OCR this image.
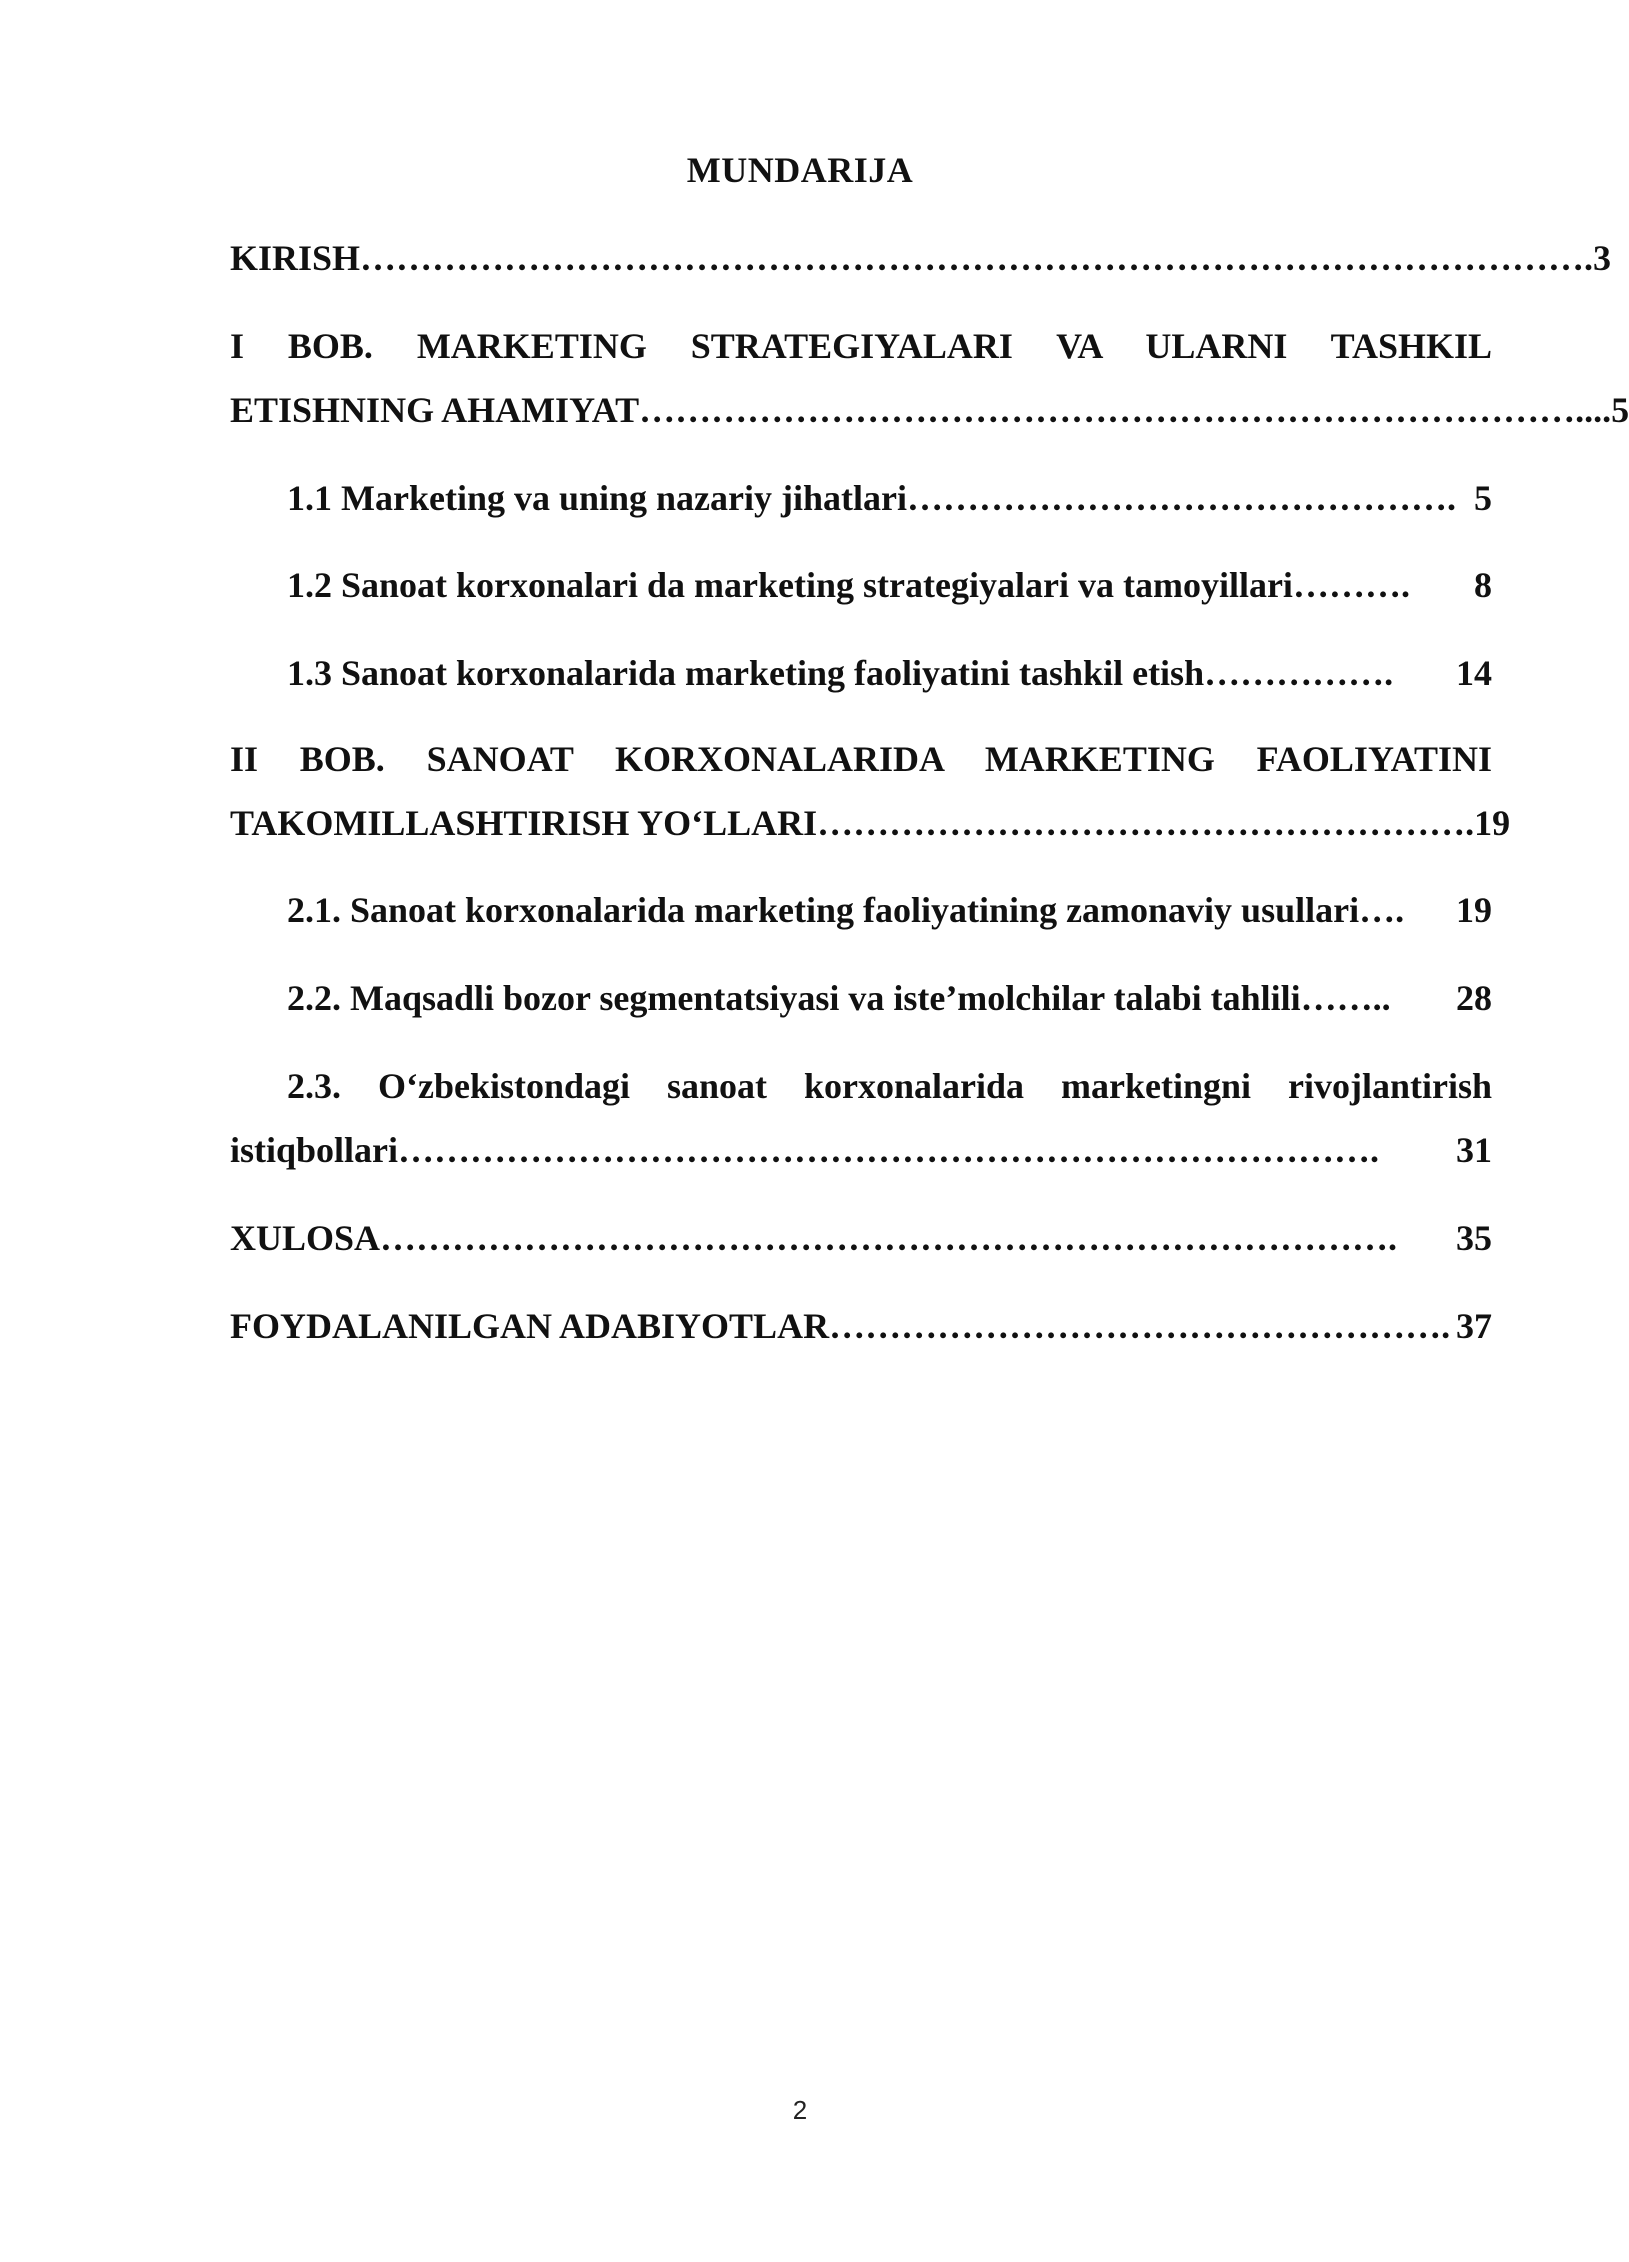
MUNDARIJA
KIRISH …………………………………………………………………………………………. 3
I BOB. MARKETING STRATEGIYALARI VA ULARNI TASHKIL
ETISHNING AHAMIYAT …………………………………………………………………….... 5
1.1 Marketing va uning nazariy jihatlari ………………………………………. 5
1.2 Sanoat korxonalari da marketing strategiyalari va tamoyillari ……….	8
1.3 Sanoat korxonalarida marketing faoliyatini tashkil etish …………….	14
II BOB. SANOAT KORXONALARIDA MARKETING FAOLIYATINI
TAKOMILLASHTIRISH YO‘LLARI ………………………………………………. 19
2.1. Sanoat korxonalarida marketing faoliyatining zamonaviy usullari ….	19
2.2. Maqsadli bozor segmentatsiyasi va iste’molchilar talabi tahlili ……..	28
2.3. O‘zbekistondagi sanoat korxonalarida marketingni rivojlantirish
istiqbollari ……………………………………………………………………….	31
XULOSA ………………………………………………………………………….	35
FOYDALANILGAN ADABIYOTLAR ……………………………………………. 37
2
